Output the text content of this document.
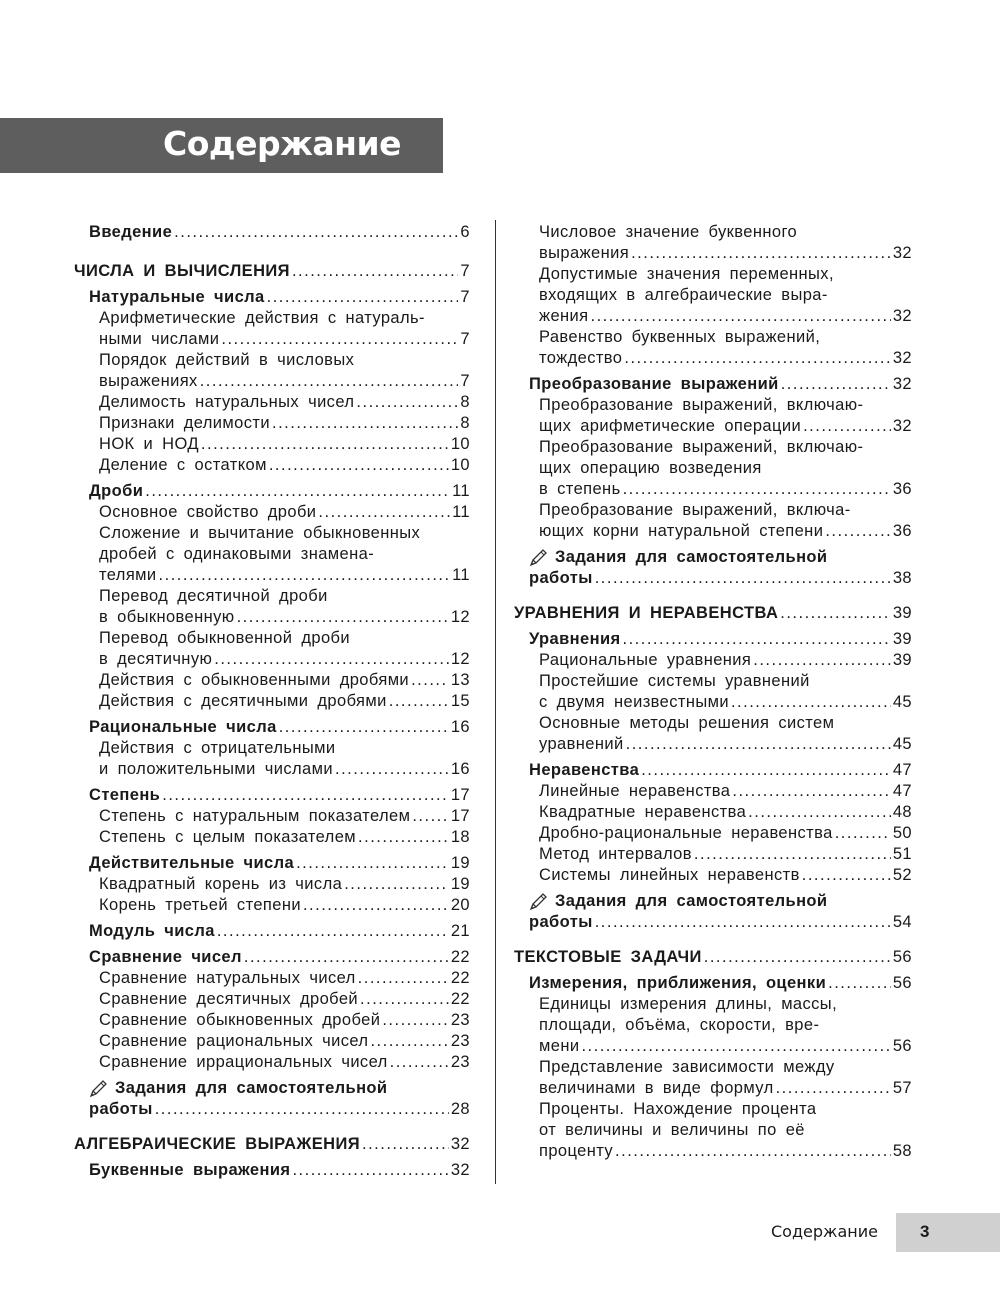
Содержание
Введение .....	6
ЧИСЛА И ВЫЧИСЛЕНИЯ .....	7
Натуральные числа .....	7
Арифметические действия с натураль-
ными числами .....	7
Порядок действий в числовых
выражениях .....	7
Делимость натуральных чисел .....	8
Признаки делимости .....	8
НОК и НОД .....	10
Деление с остатком .....	10
Дроби .....	11
Основное свойство дроби .....	11
Сложение и вычитание обыкновенных
дробей с одинаковыми знамена-
телями .....	11
Перевод десятичной дроби
в обыкновенную .....	12
Перевод обыкновенной дроби
в десятичную .....	12
Действия с обыкновенными дробями .....	13
Действия с десятичными дробями .....	15
Рациональные числа .....	16
Действия с отрицательными
и положительными числами .....	16
Степень .....	17
Степень с натуральным показателем ..... 17
Степень с целым показателем .....	18
Действительные числа .....	19
Квадратный корень из числа .....	19
Корень третьей степени .....	20
Модуль числа .....	21
Сравнение чисел .....	22
Сравнение натуральных чисел .....	22
Сравнение десятичных дробей .....	22
Сравнение обыкновенных дробей .....	23
Сравнение рациональных чисел .....	23
Сравнение иррациональных чисел .....	23
Задания для самостоятельной
работы .....	28
АЛГЕБРАИЧЕСКИЕ ВЫРАЖЕНИЯ .....	32
Буквенные выражения .....	32
Числовое значение буквенного
выражения .....	32
Допустимые значения переменных,
входящих в алгебраические выра-
жения .....	32
Равенство буквенных выражений,
тождество .....	32
Преобразование выражений .....	32
Преобразование выражений, включаю-
щих арифметические операции .....	32
Преобразование выражений, включаю-
щих операцию возведения
в степень .....	36
Преобразование выражений, включа-
ющих корни натуральной степени .....	36
Задания для самостоятельной
работы .....	38
УРАВНЕНИЯ И НЕРАВЕНСТВА .....	39
Уравнения .....	39
Рациональные уравнения .....	39
Простейшие системы уравнений
с двумя неизвестными .....	45
Основные методы решения систем
уравнений .....	45
Неравенства .....	47
Линейные неравенства .....	47
Квадратные неравенства .....	48
Дробно-рациональные неравенства .....	50
Метод интервалов .....	51
Системы линейных неравенств .....	52
Задания для самостоятельной
работы .....	54
ТЕКСТОВЫЕ ЗАДАЧИ .....	56
Измерения, приближения, оценки .....	56
Единицы измерения длины, массы,
площади, объёма, скорости, вре-
мени .....	56
Представление зависимости между
величинами в виде формул .....	57
Проценты. Нахождение процента
от величины и величины по её
проценту .....	58
Содержание 3
